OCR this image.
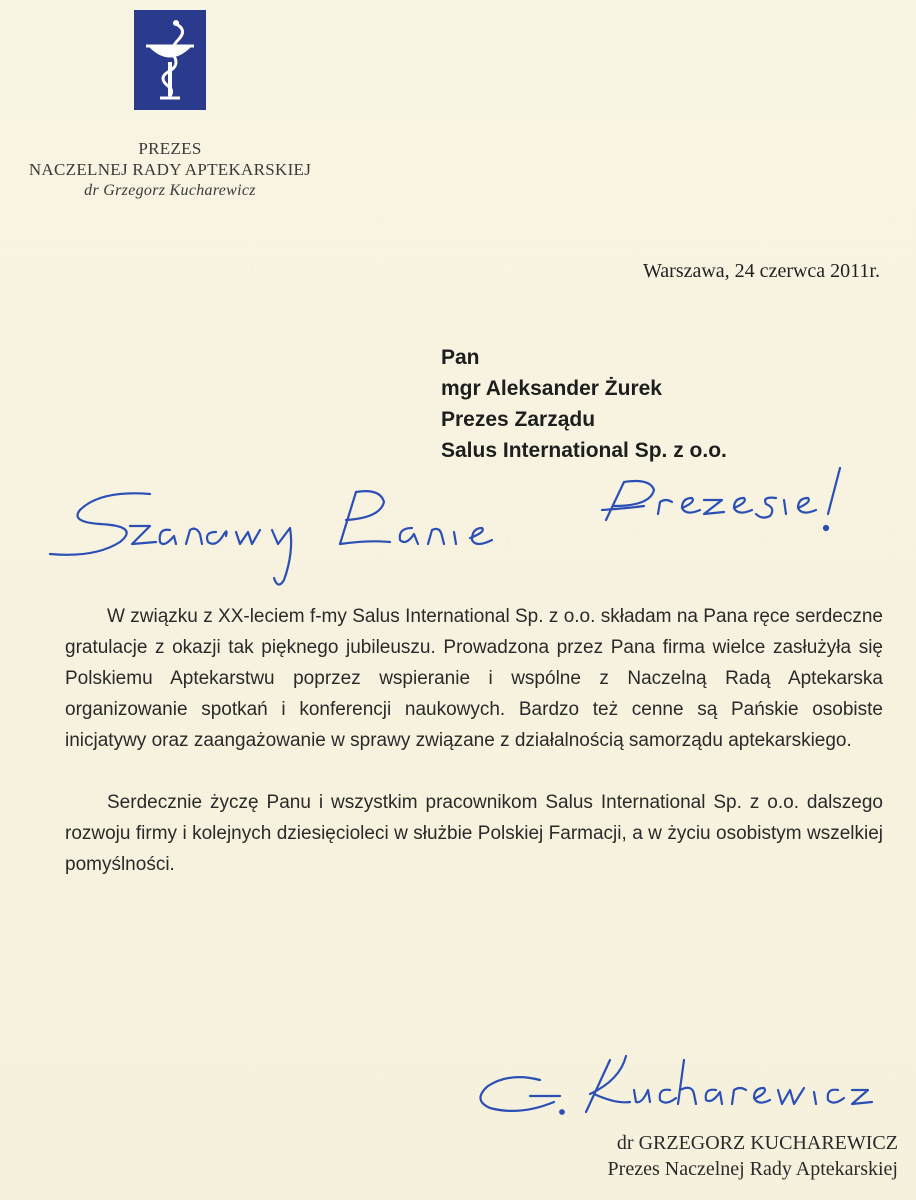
PREZES
NACZELNEJ RADY APTEKARSKIEJ
dr Grzegorz Kucharewicz
Warszawa, 24 czerwca 2011r.
Pan
mgr Aleksander Żurek
Prezes Zarządu
Salus International Sp. z o.o.

W związku z XX-leciem f-my Salus International Sp. z o.o. składam na Pana ręce serdeczne gratulacje z okazji tak pięknego jubileuszu. Prowadzona przez Pana firma wielce zasłużyła się Polskiemu Aptekarstwu poprzez wspieranie i wspólne z Naczelną Radą Aptekarska organizowanie spotkań i konferencji naukowych. Bardzo też cenne są Pańskie osobiste inicjatywy oraz zaangażowanie w sprawy związane z działalnością samorządu aptekarskiego.

Serdecznie życzę Panu i wszystkim pracownikom Salus International Sp. z o.o. dalszego rozwoju firmy i kolejnych dziesięcioleci w służbie Polskiej Farmacji, a w życiu osobistym wszelkiej pomyślności.

dr GRZEGORZ KUCHAREWICZ
Prezes Naczelnej Rady Aptekarskiej
